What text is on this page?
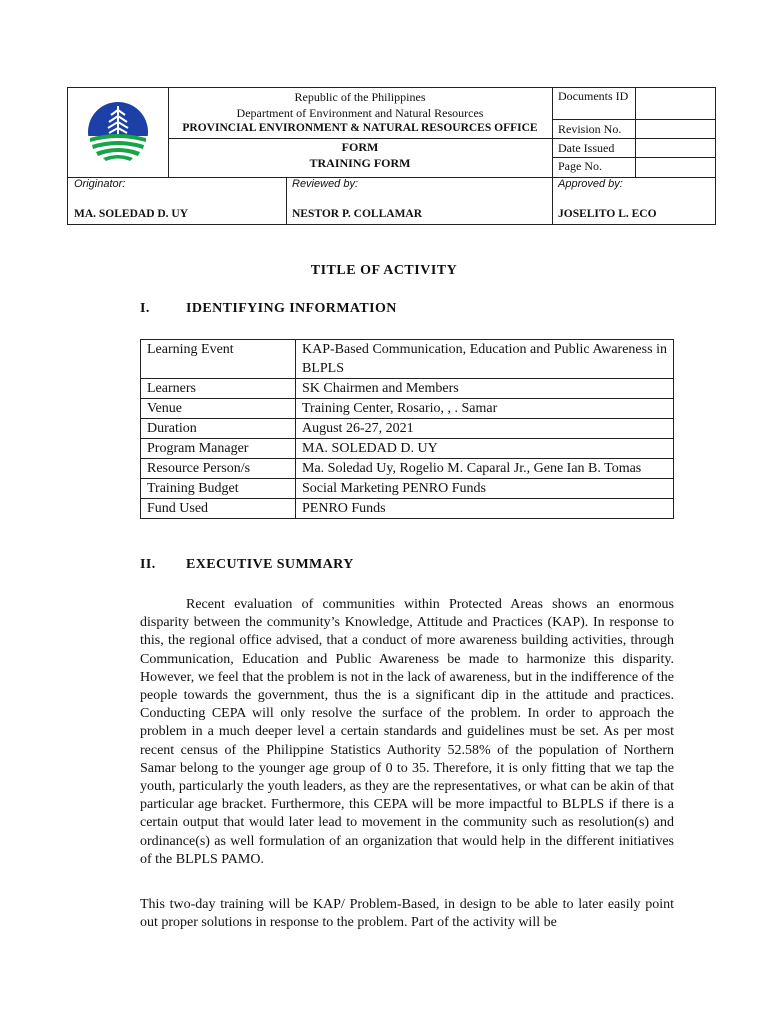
Republic of the Philippines
Department of Environment and Natural Resources
PROVINCIAL ENVIRONMENT & NATURAL RESOURCES OFFICE
FORM
TRAINING FORM
Documents ID
Revision No.
Date Issued
Page No.
Originator:
MA. SOLEDAD D. UY
Reviewed by:
NESTOR P. COLLAMAR
Approved by:
JOSELITO L. ECO
TITLE OF ACTIVITY
I.	IDENTIFYING INFORMATION
Learning Event	KAP-Based Communication, Education and Public Awareness in BLPLS
Learners	SK Chairmen and Members
Venue	Training Center, Rosario, , . Samar
Duration	August 26-27, 2021
Program Manager	MA. SOLEDAD D. UY
Resource Person/s	Ma. Soledad Uy, Rogelio M. Caparal Jr., Gene Ian B. Tomas
Training Budget	Social Marketing PENRO Funds
Fund Used	PENRO Funds
II. EXECUTIVE SUMMARY

Recent evaluation of communities within Protected Areas shows an enormous disparity between the community’s Knowledge, Attitude and Practices (KAP). In response to this, the regional office advised, that a conduct of more awareness building activities, through Communication, Education and Public Awareness be made to harmonize this disparity. However, we feel that the problem is not in the lack of awareness, but in the indifference of the people towards the government, thus the is a significant dip in the attitude and practices. Conducting CEPA will only resolve the surface of the problem. In order to approach the problem in a much deeper level a certain standards and guidelines must be set. As per most recent census of the Philippine Statistics Authority 52.58% of the population of Northern Samar belong to the younger age group of 0 to 35. Therefore, it is only fitting that we tap the youth, particularly the youth leaders, as they are the representatives, or what can be akin of that particular age bracket. Furthermore, this CEPA will be more impactful to BLPLS if there is a certain output that would later lead to movement in the community such as resolution(s) and ordinance(s) as well formulation of an organization that would help in the different initiatives of the BLPLS PAMO.

This two-day training will be KAP/ Problem-Based, in design to be able to later easily point out proper solutions in response to the problem. Part of the activity will be
